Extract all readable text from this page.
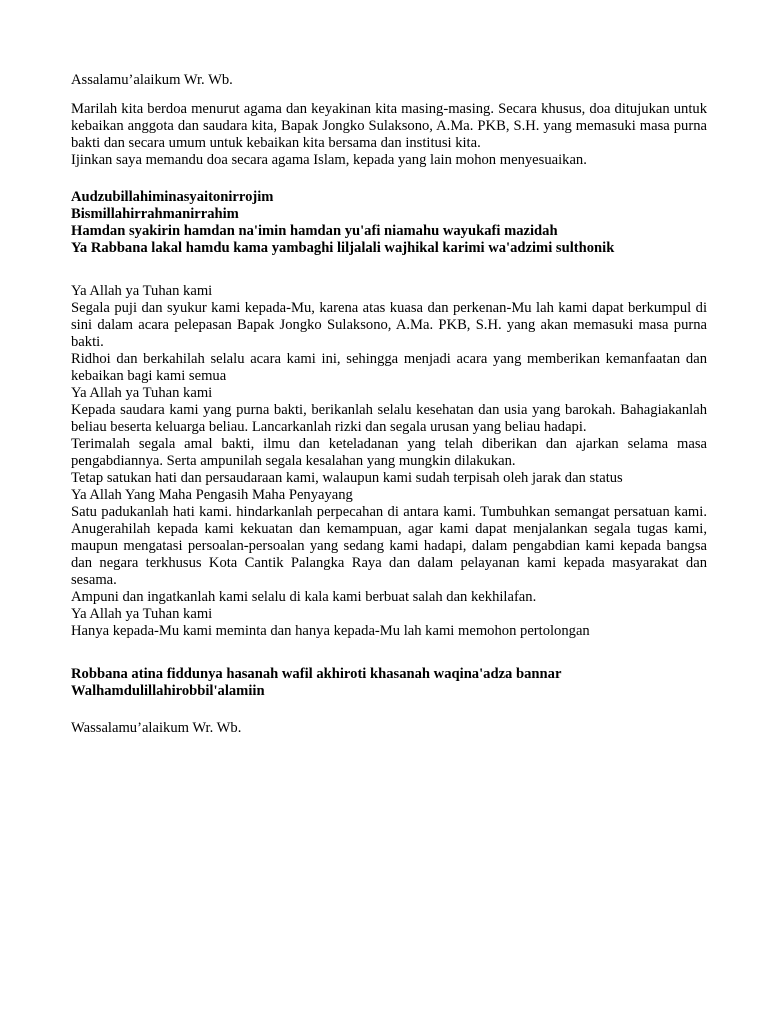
Assalamu’alaikum Wr. Wb.

Marilah kita berdoa menurut agama dan keyakinan kita masing-masing. Secara khusus, doa ditujukan untuk kebaikan anggota dan saudara kita, Bapak Jongko Sulaksono, A.Ma. PKB, S.H. yang memasuki masa purna bakti dan secara umum untuk kebaikan kita bersama dan institusi kita.

Ijinkan saya memandu doa secara agama Islam, kepada yang lain mohon menyesuaikan.

Audzubillahiminasyaitonirrojim

Bismillahirrahmanirrahim

Hamdan syakirin hamdan na'imin hamdan yu'afi niamahu wayukafi mazidah

Ya Rabbana lakal hamdu kama yambaghi liljalali wajhikal karimi wa'adzimi sulthonik

Ya Allah ya Tuhan kami

Segala puji dan syukur kami kepada-Mu, karena atas kuasa dan perkenan-Mu lah kami dapat berkumpul di sini dalam acara pelepasan Bapak Jongko Sulaksono, A.Ma. PKB, S.H. yang akan memasuki masa purna bakti.

Ridhoi dan berkahilah selalu acara kami ini, sehingga menjadi acara yang memberikan kemanfaatan dan kebaikan bagi kami semua

Ya Allah ya Tuhan kami

Kepada saudara kami yang purna bakti, berikanlah selalu kesehatan dan usia yang barokah. Bahagiakanlah beliau beserta keluarga beliau. Lancarkanlah rizki dan segala urusan yang beliau hadapi.

Terimalah segala amal bakti, ilmu dan keteladanan yang telah diberikan dan ajarkan selama masa pengabdiannya. Serta ampunilah segala kesalahan yang mungkin dilakukan.

Tetap satukan hati dan persaudaraan kami, walaupun kami sudah terpisah oleh jarak dan status

Ya Allah Yang Maha Pengasih Maha Penyayang

Satu padukanlah hati kami. hindarkanlah perpecahan di antara kami. Tumbuhkan semangat persatuan kami. Anugerahilah kepada kami kekuatan dan kemampuan, agar kami dapat menjalankan segala tugas kami, maupun mengatasi persoalan-persoalan yang sedang kami hadapi, dalam pengabdian kami kepada bangsa dan negara terkhusus Kota Cantik Palangka Raya dan dalam pelayanan kami kepada masyarakat dan sesama.

Ampuni dan ingatkanlah kami selalu di kala kami berbuat salah dan kekhilafan.

Ya Allah ya Tuhan kami

Hanya kepada-Mu kami meminta dan hanya kepada-Mu lah kami memohon pertolongan

Robbana atina fiddunya hasanah wafil akhiroti khasanah waqina'adza bannar

Walhamdulillahirobbil'alamiin

Wassalamu’alaikum Wr. Wb.
